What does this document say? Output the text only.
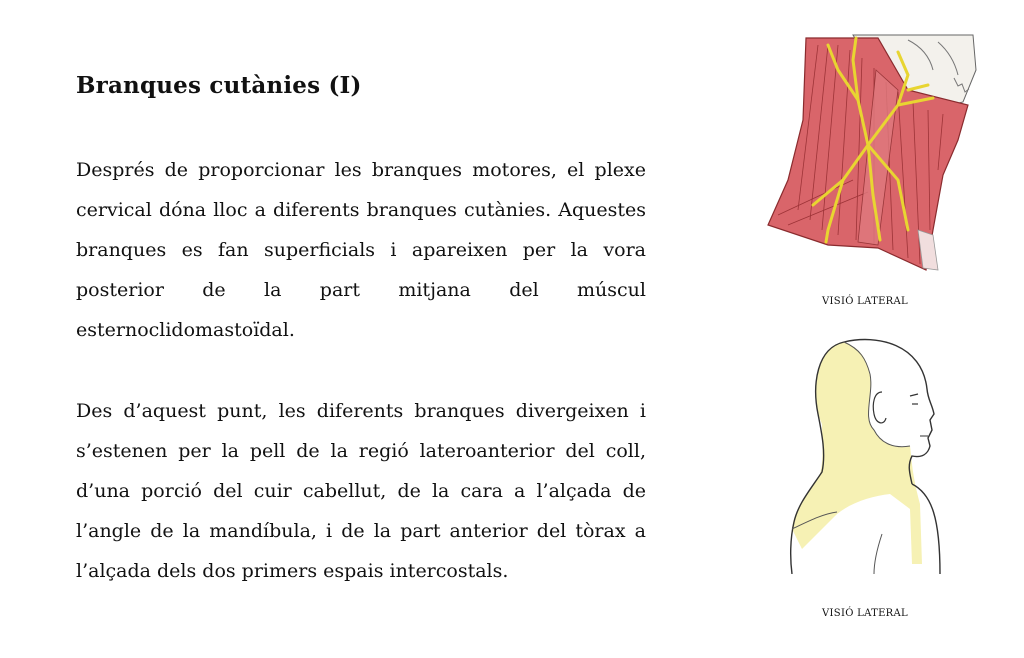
Branques cutànies (I)

Després de proporcionar les branques motores, el plexe cervical dóna lloc a diferents branques cutànies. Aquestes branques es fan superficials i apareixen per la vora posterior de la part mitjana del múscul esternoclidomastoïdal.

Des d’aquest punt, les diferents branques divergeixen i s’estenen per la pell de la regió lateroanterior del coll, d’una porció del cuir cabellut, de la cara a l’alçada de l’angle de la mandíbula, i de la part anterior del tòrax a l’alçada dels dos primers espais intercostals.

VISIÓ LATERAL
VISIÓ LATERAL
